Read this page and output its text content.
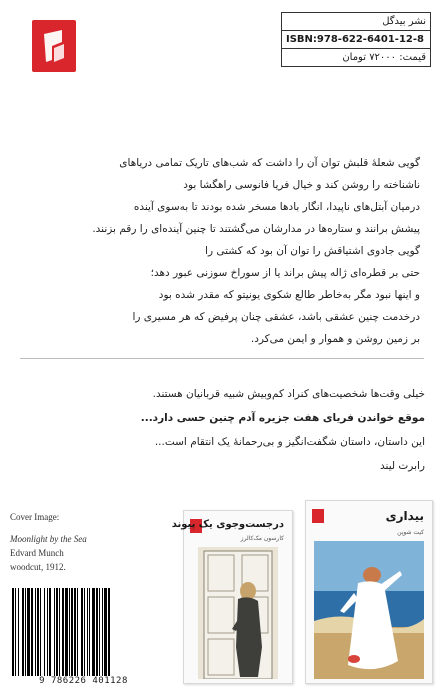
نشر بیدگل
ISBN:978-622-6401-12-8
قیمت: ۷۲۰۰۰ تومان
گویی شعلهٔ قلبش توان آن را داشت که شب‌های تاریک تمامی دریاهای
ناشناخته را روشن کند و خیال فریا فانوسی راهگشا بود
درمیان آبتل‌های ناپیدا، انگار بادها مسخر شده بودند تا به‌سوی آینده
پیشش برانند و ستاره‌ها در مدارشان می‌گشتند تا چنین آینده‌ای را رقم بزنند.
گویی جادوی اشتیاقش را توان آن بود که کشتی را
حتی بر قطره‌ای ژاله پیش براند یا از سوراخ سوزنی عبور دهد؛
و اینها نبود مگر به‌خاطر طالع شکوی یونیتو که مقدر شده بود
درخدمت چنین عشقی باشد، عشقی چنان پرفیض که هر مسیری را
بر زمین روشن و هموار و ایمن می‌کرد.
خیلی وقت‌ها شخصیت‌های کنراد کم‌وبیش شبیه قربانیان هستند.
موقع خواندن فریای هفت جزیره آدم چنین حسی دارد...
این داستان، داستان شگفت‌انگیز و بی‌رحمانهٔ یک انتقام است...
رابرت لیند
Cover Image:
Moonlight by the Sea
Edvard Munch
woodcut, 1912.
درجست‌وجوی یک پیوند
کارسون مک‌کالرز
بیداری
کیت شوپن
9 786226 401128
